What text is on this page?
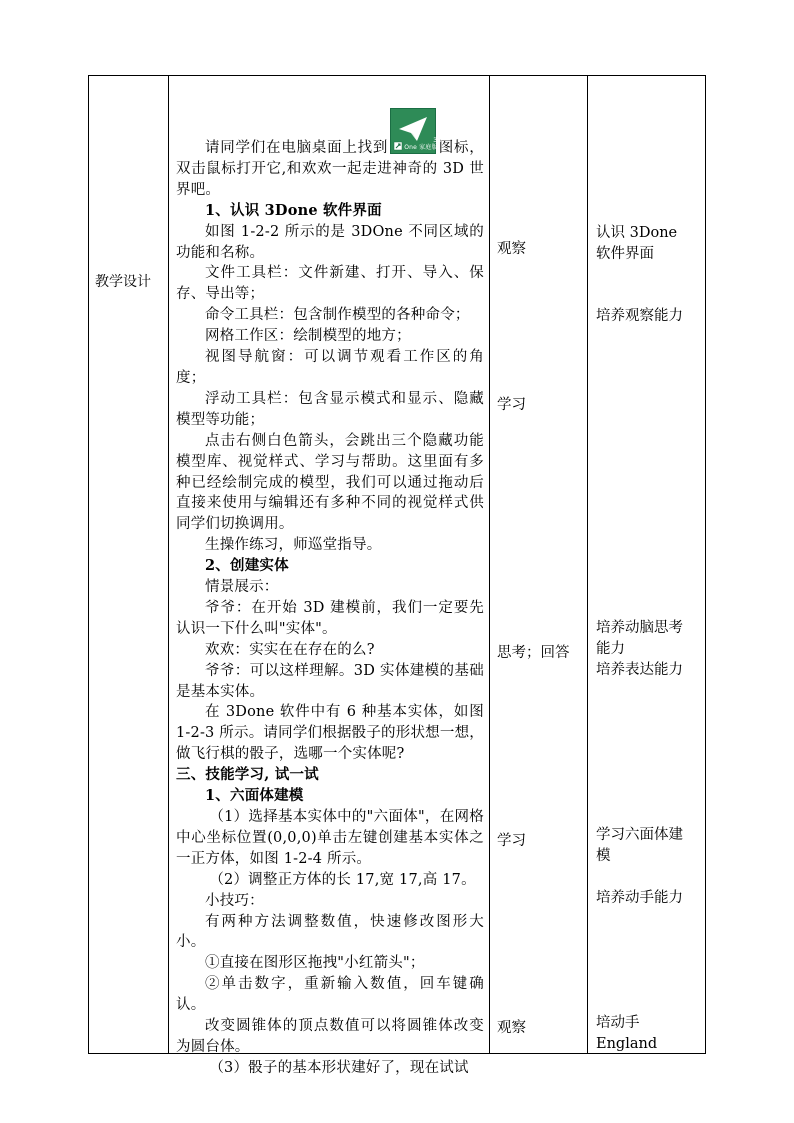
教学设计

请同学们在电脑桌面上找到	3D One 家庭版 图标，双击鼠标打开它,和欢欢一起走进神奇的 3D 世界吧。

1、认识 3Done 软件界面

如图 1-2-2 所示的是 3DOne 不同区域的功能和名称。

文件工具栏：文件新建、打开、导入、保存、导出等；

命令工具栏：包含制作模型的各种命令；

网格工作区：绘制模型的地方；

视图导航窗：可以调节观看工作区的角度；

浮动工具栏：包含显示模式和显示、隐藏模型等功能；

点击右侧白色箭头，会跳出三个隐藏功能模型库、视觉样式、学习与帮助。这里面有多种已经绘制完成的模型，我们可以通过拖动后直接来使用与编辑还有多种不同的视觉样式供同学们切换调用。

生操作练习，师巡堂指导。

2、创建实体

情景展示：

爷爷：在开始 3D 建模前，我们一定要先认识一下什么叫"实体"。

欢欢：实实在在存在的么?

爷爷：可以这样理解。3D 实体建模的基础是基本实体。

在 3Done 软件中有 6 种基本实体，如图 1-2-3 所示。请同学们根据骰子的形状想一想，做飞行棋的骰子，选哪一个实体呢?

三、技能学习, 试一试

1、六面体建模

（1）选择基本实体中的"六面体"，在网格中心坐标位置(0,0,0)单击左键创建基本实体之一正方体，如图 1-2-4 所示。

（2）调整正方体的长 17,宽 17,高 17。

小技巧：

有两种方法调整数值，快速修改图形大小。

①直接在图形区拖拽"小红箭头"；

②单击数字，重新输入数值，回车键确认。

改变圆锥体的顶点数值可以将圆锥体改变为圆台体。

（3）骰子的基本形状建好了，现在试试

观察
学习
思考；回答
学习
观察
认识 3Done 软件界面
培养观察能力
培养动脑思考能力
培养表达能力
学习六面体建模
培养动手能力
培动手 England
